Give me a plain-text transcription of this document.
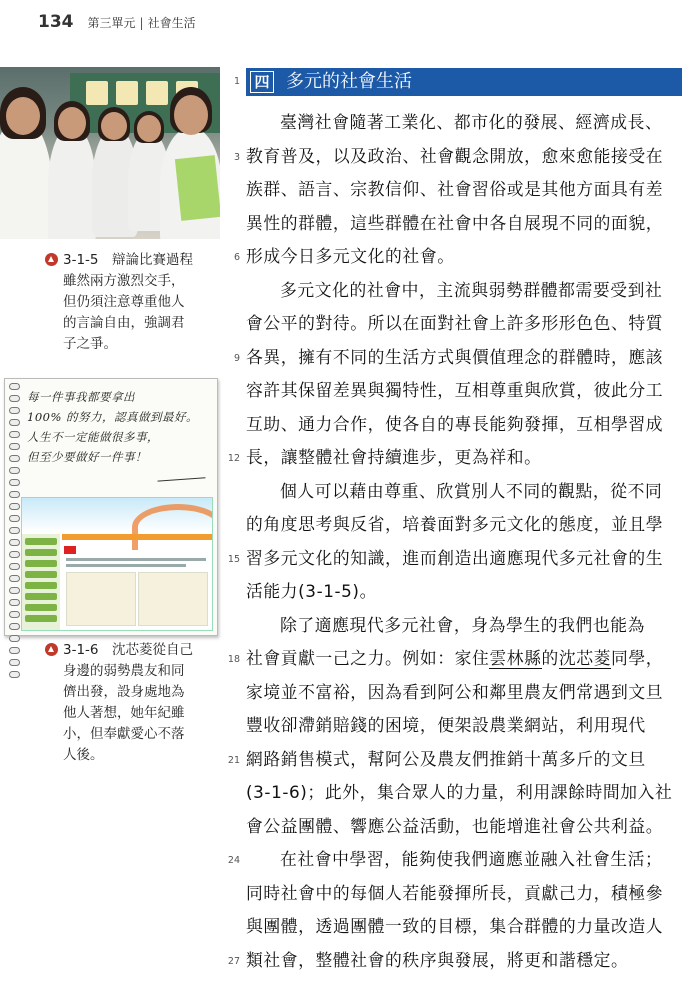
134 第三單元 | 社會生活
3-1-5　辯論比賽過程
雖然兩方激烈交手，
但仍須注意尊重他人
的言論自由，強調君
子之爭。
每一件事我都要拿出
100% 的努力，認真做到最好。
人生不一定能做很多事，
但至少要做好一件事！
3-1-6　沈芯菱從自己
身邊的弱勢農友和同
儕出發，設身處地為
他人著想，她年紀雖
小，但奉獻愛心不落
人後。
1 四 多元的社會生活
臺灣社會隨著工業化、都市化的發展、經濟成長、
教育普及，以及政治、社會觀念開放，愈來愈能接受在
族群、語言、宗教信仰、社會習俗或是其他方面具有差
異性的群體，這些群體在社會中各自展現不同的面貌，
形成今日多元文化的社會。
多元文化的社會中，主流與弱勢群體都需要受到社
會公平的對待。所以在面對社會上許多形形色色、特質
各異，擁有不同的生活方式與價值理念的群體時，應該
容許其保留差異與獨特性，互相尊重與欣賞，彼此分工
互助、通力合作，使各自的專長能夠發揮，互相學習成
長，讓整體社會持續進步，更為祥和。
個人可以藉由尊重、欣賞別人不同的觀點，從不同
的角度思考與反省，培養面對多元文化的態度，並且學
習多元文化的知識，進而創造出適應現代多元社會的生
活能力(3-1-5)。
除了適應現代多元社會，身為學生的我們也能為
社會貢獻一己之力。例如：家住雲林縣的沈芯菱同學，
家境並不富裕，因為看到阿公和鄰里農友們常遇到文旦
豐收卻滯銷賠錢的困境，便架設農業網站，利用現代
網路銷售模式，幫阿公及農友們推銷十萬多斤的文旦
(3-1-6)；此外，集合眾人的力量，利用課餘時間加入社
會公益團體、響應公益活動，也能增進社會公共利益。
在社會中學習，能夠使我們適應並融入社會生活；
同時社會中的每個人若能發揮所長，貢獻己力，積極參
與團體，透過團體一致的目標，集合群體的力量改造人
類社會，整體社會的秩序與發展，將更和諧穩定。
3
6
9
12
15
18
21
24
27
